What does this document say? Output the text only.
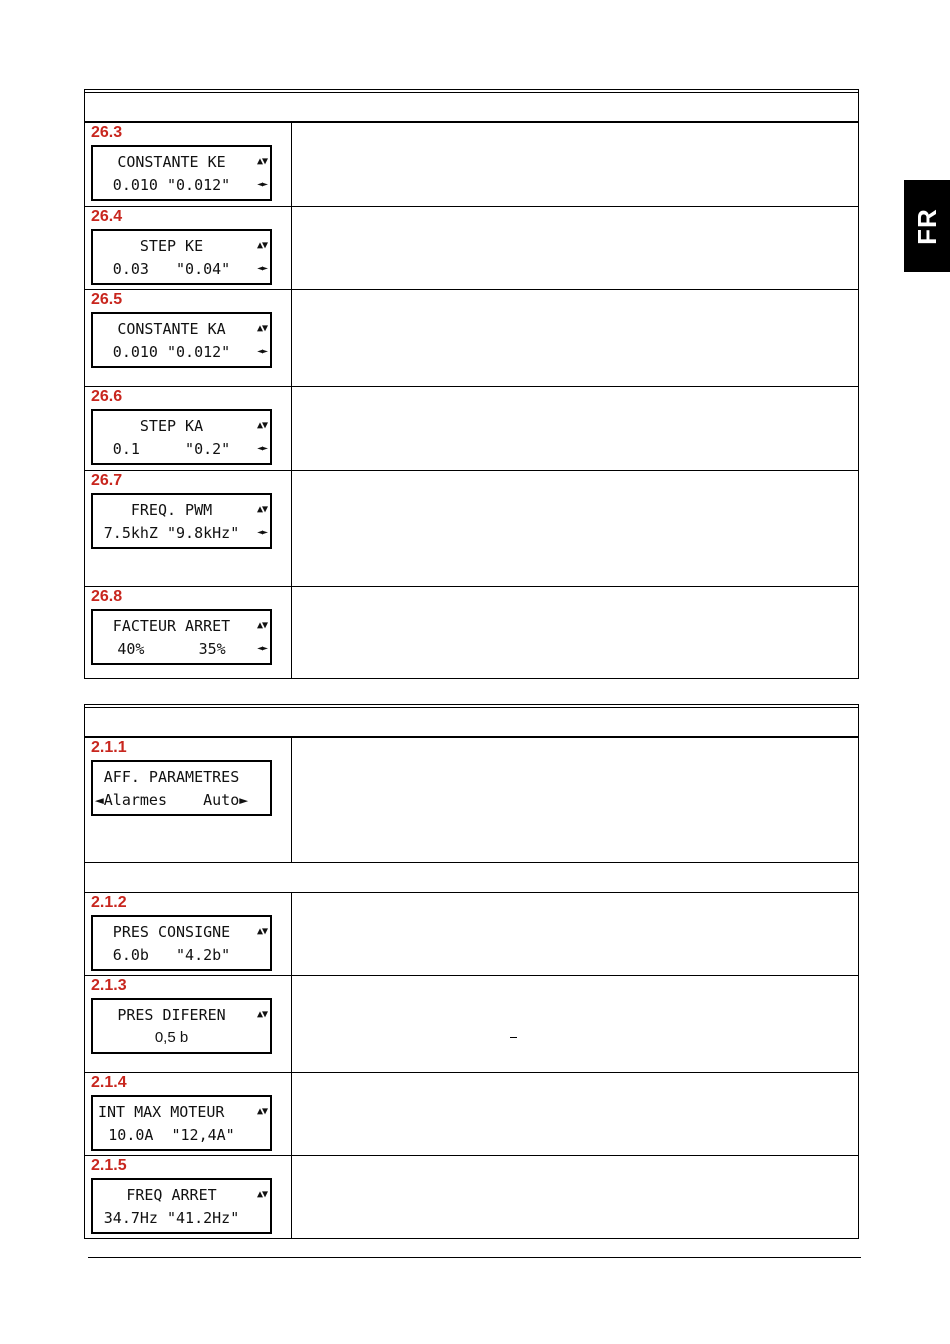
FR
26.3
CONSTANTE KE	▲▼
0.010 "0.012"	◄►
26.4
STEP KE	▲▼
0.03   "0.04"	◄►
26.5
CONSTANTE KA	▲▼
0.010 "0.012"	◄►
26.6
STEP KA	▲▼
0.1     "0.2"	◄►
26.7
FREQ. PWM	▲▼
7.5khZ "9.8kHz"	◄►
26.8
FACTEUR ARRET	▲▼
40%      35%	◄►
2.1.1
AFF. PARAMETRES
◄Alarmes    Auto►
2.1.2
PRES CONSIGNE	▲▼
6.0b   "4.2b"
2.1.3
PRES DIFEREN	▲▼
0,5 b
2.1.4
INT MAX MOTEUR	▲▼
10.0A  "12,4A"
2.1.5
FREQ ARRET	▲▼
34.7Hz "41.2Hz"
